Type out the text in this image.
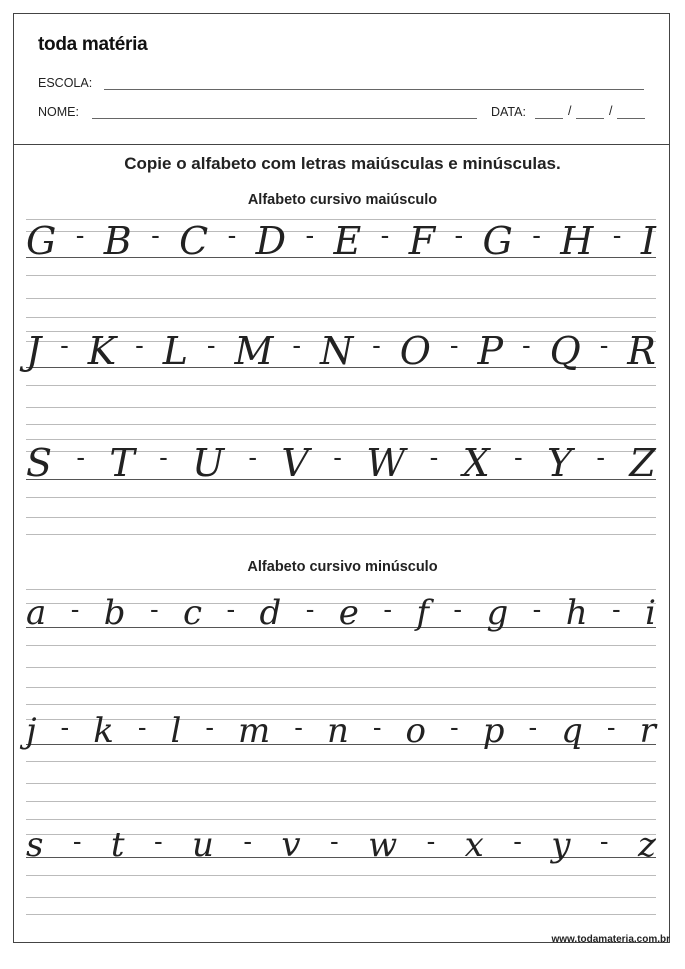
toda matéria
ESCOLA:
NOME:	DATA:	/	/
Copie o alfabeto com letras maiúsculas e minúsculas.
Alfabeto cursivo maiúsculo
G - B - C - D - E - F - G - H - I
J - K - L - M - N - O - P - Q - R
S - T - U - V - W - X - Y - Z
Alfabeto cursivo minúsculo
a - b - c - d - e - f - g - h - i
j - k - l - m - n - o - p - q - r
s - t - u - v - w - x - y - z
www.todamateria.com.br
